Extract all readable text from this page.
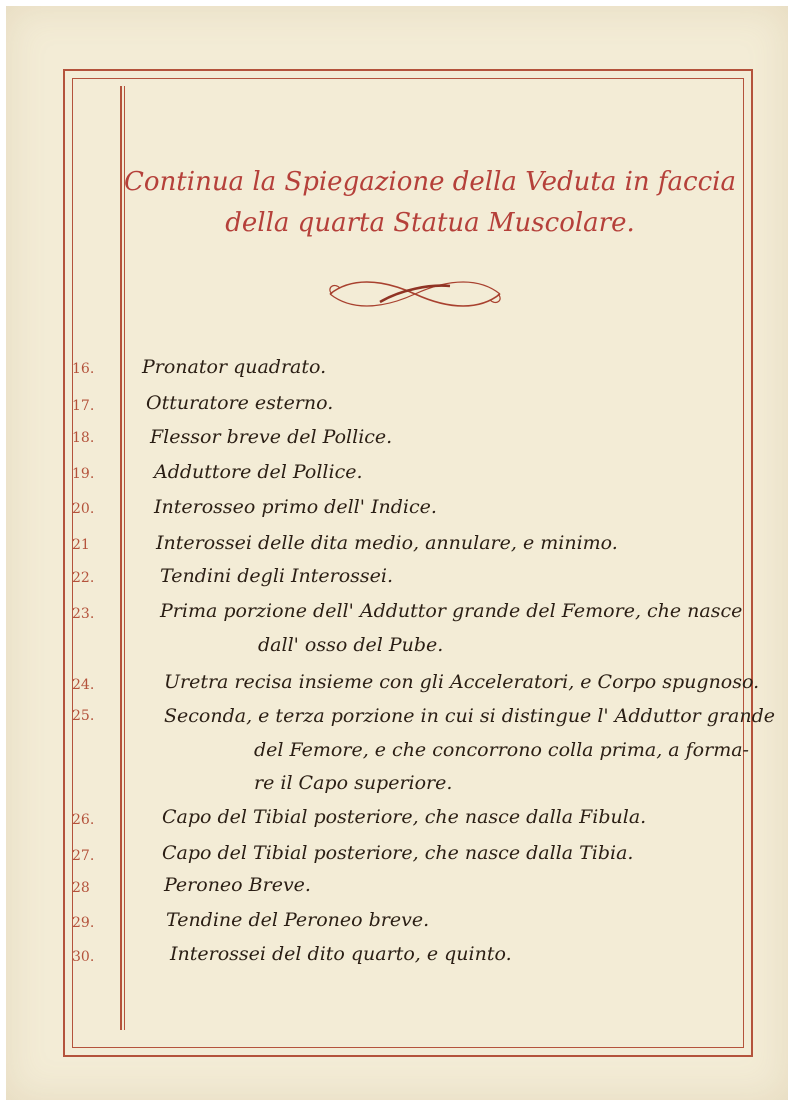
Continua la Spiegazione della Veduta in faccia
della quarta Statua Muscolare.
16.
17.
18.
19.
20.
21
22.
23.
24.
25.
26.
27.
28
29.
30.
Pronator quadrato.
Otturatore esterno.
Flessor breve del Pollice.
Adduttore del Pollice.
Interosseo primo dell' Indice.
Interossei delle dita medio, annulare, e minimo.
Tendini degli Interossei.
Prima porzione dell' Adduttor grande del Femore, che nasce
dall' osso del Pube.
Uretra recisa insieme con gli Acceleratori, e Corpo spugnoso.
Seconda, e terza porzione in cui si distingue l' Adduttor grande
del Femore, e che concorrono colla prima, a forma-
re il Capo superiore.
Capo del Tibial posteriore, che nasce dalla Fibula.
Capo del Tibial posteriore, che nasce dalla Tibia.
Peroneo Breve.
Tendine del Peroneo breve.
Interossei del dito quarto, e quinto.
